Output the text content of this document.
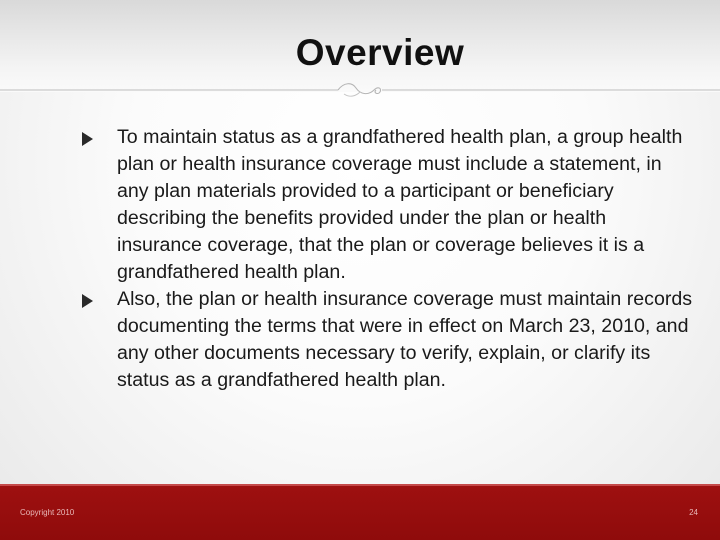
Overview
To maintain status as a grandfathered health plan, a group health plan or health insurance coverage must include a statement, in any plan materials provided to a participant or beneficiary describing the benefits provided under the plan or health insurance coverage, that the plan or coverage believes it is a grandfathered health plan.
Also, the plan or health insurance coverage must maintain records documenting the terms that were in effect on March 23, 2010, and any other documents necessary to verify, explain, or clarify its status as a grandfathered health plan.
Copyright 2010	24
